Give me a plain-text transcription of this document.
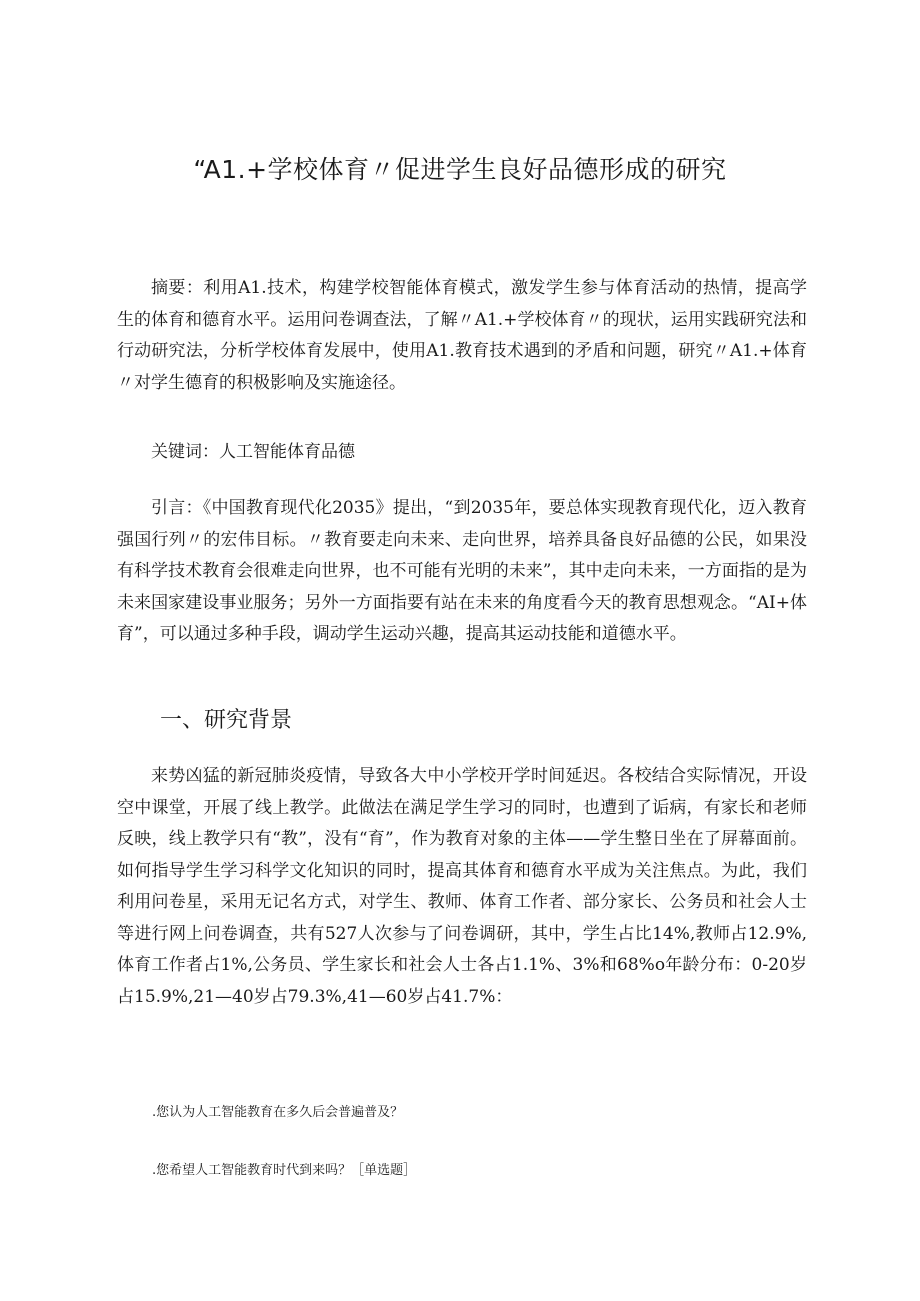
“A1.+学校体育〃促进学生良好品德形成的研究

摘要：利用A1.技术，构建学校智能体育模式，激发学生参与体育活动的热情，提高学生的体育和德育水平。运用问卷调查法，了解〃A1.+学校体育〃的现状，运用实践研究法和行动研究法，分析学校体育发展中，使用A1.教育技术遇到的矛盾和问题，研究〃A1.+体育〃对学生德育的积极影响及实施途径。

关键词：人工智能体育品德

引言：《中国教育现代化2035》提出，“到2035年，要总体实现教育现代化，迈入教育强国行列〃的宏伟目标。〃教育要走向未来、走向世界，培养具备良好品德的公民，如果没有科学技术教育会很难走向世界，也不可能有光明的未来”，其中走向未来，一方面指的是为未来国家建设事业服务；另外一方面指要有站在未来的角度看今天的教育思想观念。“AI+体育”，可以通过多种手段，调动学生运动兴趣，提高其运动技能和道德水平。

一、研究背景

来势凶猛的新冠肺炎疫情，导致各大中小学校开学时间延迟。各校结合实际情况，开设空中课堂，开展了线上教学。此做法在满足学生学习的同时，也遭到了诟病，有家长和老师反映，线上教学只有“教”，没有“育”，作为教育对象的主体——学生整日坐在了屏幕面前。如何指导学生学习科学文化知识的同时，提高其体育和德育水平成为关注焦点。为此，我们利用问卷星，采用无记名方式，对学生、教师、体育工作者、部分家长、公务员和社会人士等进行网上问卷调查，共有527人次参与了问卷调研，其中，学生占比14%,教师占12.9%,体育工作者占1%,公务员、学生家长和社会人士各占1.1%、3%和68%o年龄分布：0-20岁占15.9%,21—40岁占79.3%,41—60岁占41.7%：

.您认为人工智能教育在多久后会普遍普及？

.您希望人工智能教育时代到来吗？［单选题］
